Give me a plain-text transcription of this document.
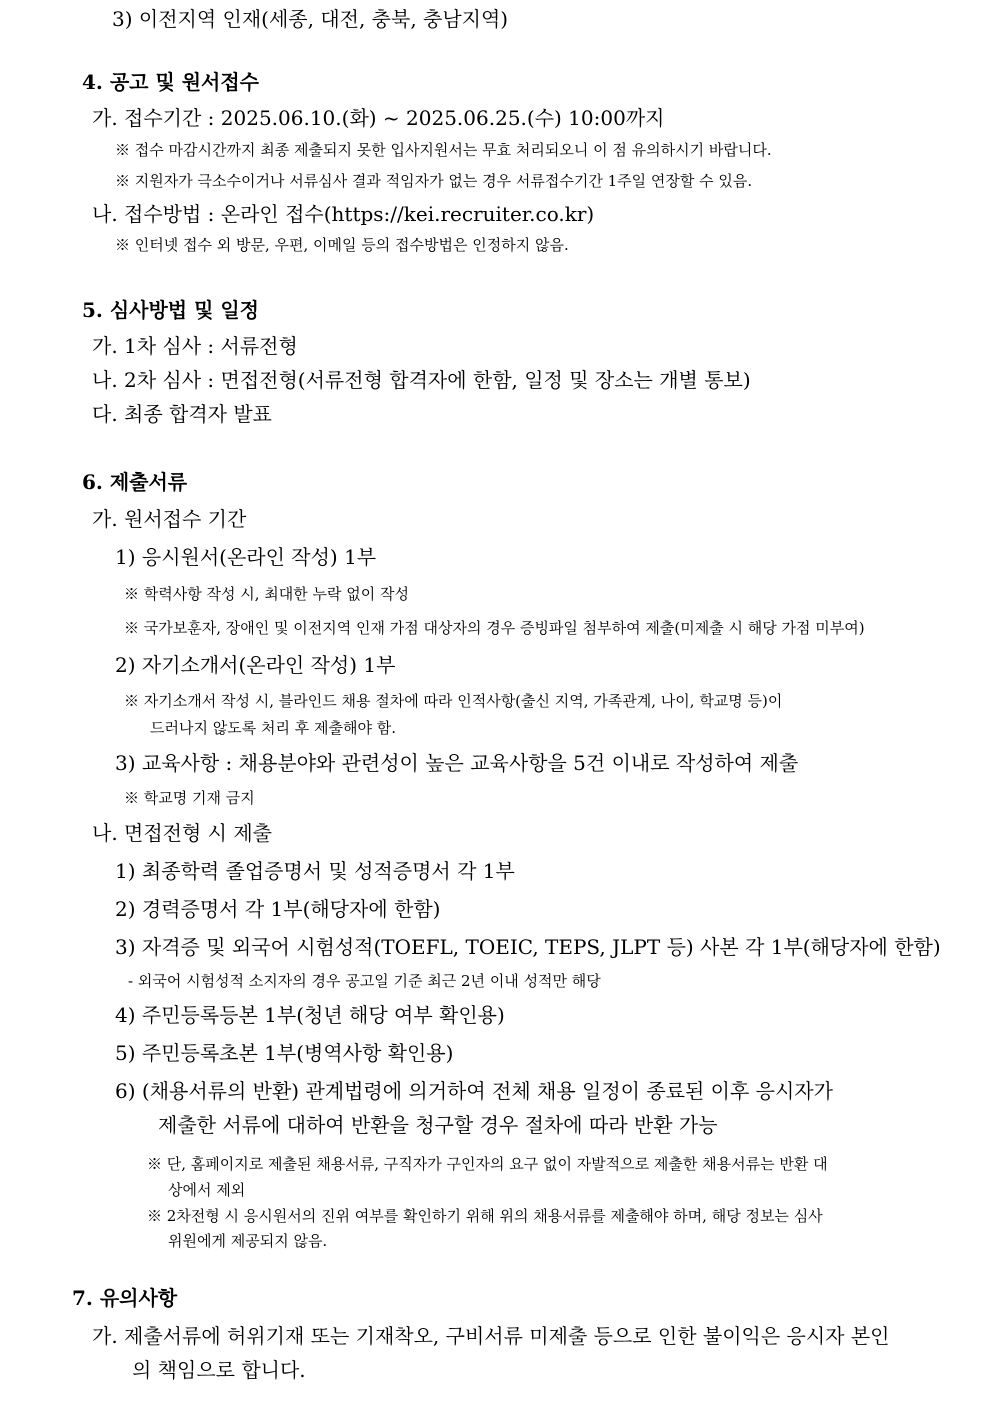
3) 이전지역 인재(세종, 대전, 충북, 충남지역)
4. 공고 및 원서접수
가. 접수기간 : 2025.06.10.(화) ~ 2025.06.25.(수) 10:00까지
※ 접수 마감시간까지 최종 제출되지 못한 입사지원서는 무효 처리되오니 이 점 유의하시기 바랍니다.
※ 지원자가 극소수이거나 서류심사 결과 적임자가 없는 경우 서류접수기간 1주일 연장할 수 있음.
나. 접수방법 : 온라인 접수(https://kei.recruiter.co.kr)
※ 인터넷 접수 외 방문, 우편, 이메일 등의 접수방법은 인정하지 않음.
5. 심사방법 및 일정
가. 1차 심사 : 서류전형
나. 2차 심사 : 면접전형(서류전형 합격자에 한함, 일정 및 장소는 개별 통보)
다. 최종 합격자 발표
6. 제출서류
가. 원서접수 기간
1) 응시원서(온라인 작성) 1부
※ 학력사항 작성 시, 최대한 누락 없이 작성
※ 국가보훈자, 장애인 및 이전지역 인재 가점 대상자의 경우 증빙파일 첨부하여 제출(미제출 시 해당 가점 미부여)
2) 자기소개서(온라인 작성) 1부
※ 자기소개서 작성 시, 블라인드 채용 절차에 따라 인적사항(출신 지역, 가족관계, 나이, 학교명 등)이
드러나지 않도록 처리 후 제출해야 함.
3) 교육사항 : 채용분야와 관련성이 높은 교육사항을 5건 이내로 작성하여 제출
※ 학교명 기재 금지
나. 면접전형 시 제출
1) 최종학력 졸업증명서 및 성적증명서 각 1부
2) 경력증명서 각 1부(해당자에 한함)
3) 자격증 및 외국어 시험성적(TOEFL, TOEIC, TEPS, JLPT 등) 사본 각 1부(해당자에 한함)
- 외국어 시험성적 소지자의 경우 공고일 기준 최근 2년 이내 성적만 해당
4) 주민등록등본 1부(청년 해당 여부 확인용)
5) 주민등록초본 1부(병역사항 확인용)
6) (채용서류의 반환) 관계법령에 의거하여 전체 채용 일정이 종료된 이후 응시자가
제출한 서류에 대하여 반환을 청구할 경우 절차에 따라 반환 가능
※ 단, 홈페이지로 제출된 채용서류, 구직자가 구인자의 요구 없이 자발적으로 제출한 채용서류는 반환 대
상에서 제외
※ 2차전형 시 응시원서의 진위 여부를 확인하기 위해 위의 채용서류를 제출해야 하며, 해당 정보는 심사
위원에게 제공되지 않음.
7. 유의사항
가. 제출서류에 허위기재 또는 기재착오, 구비서류 미제출 등으로 인한 불이익은 응시자 본인
의 책임으로 합니다.
